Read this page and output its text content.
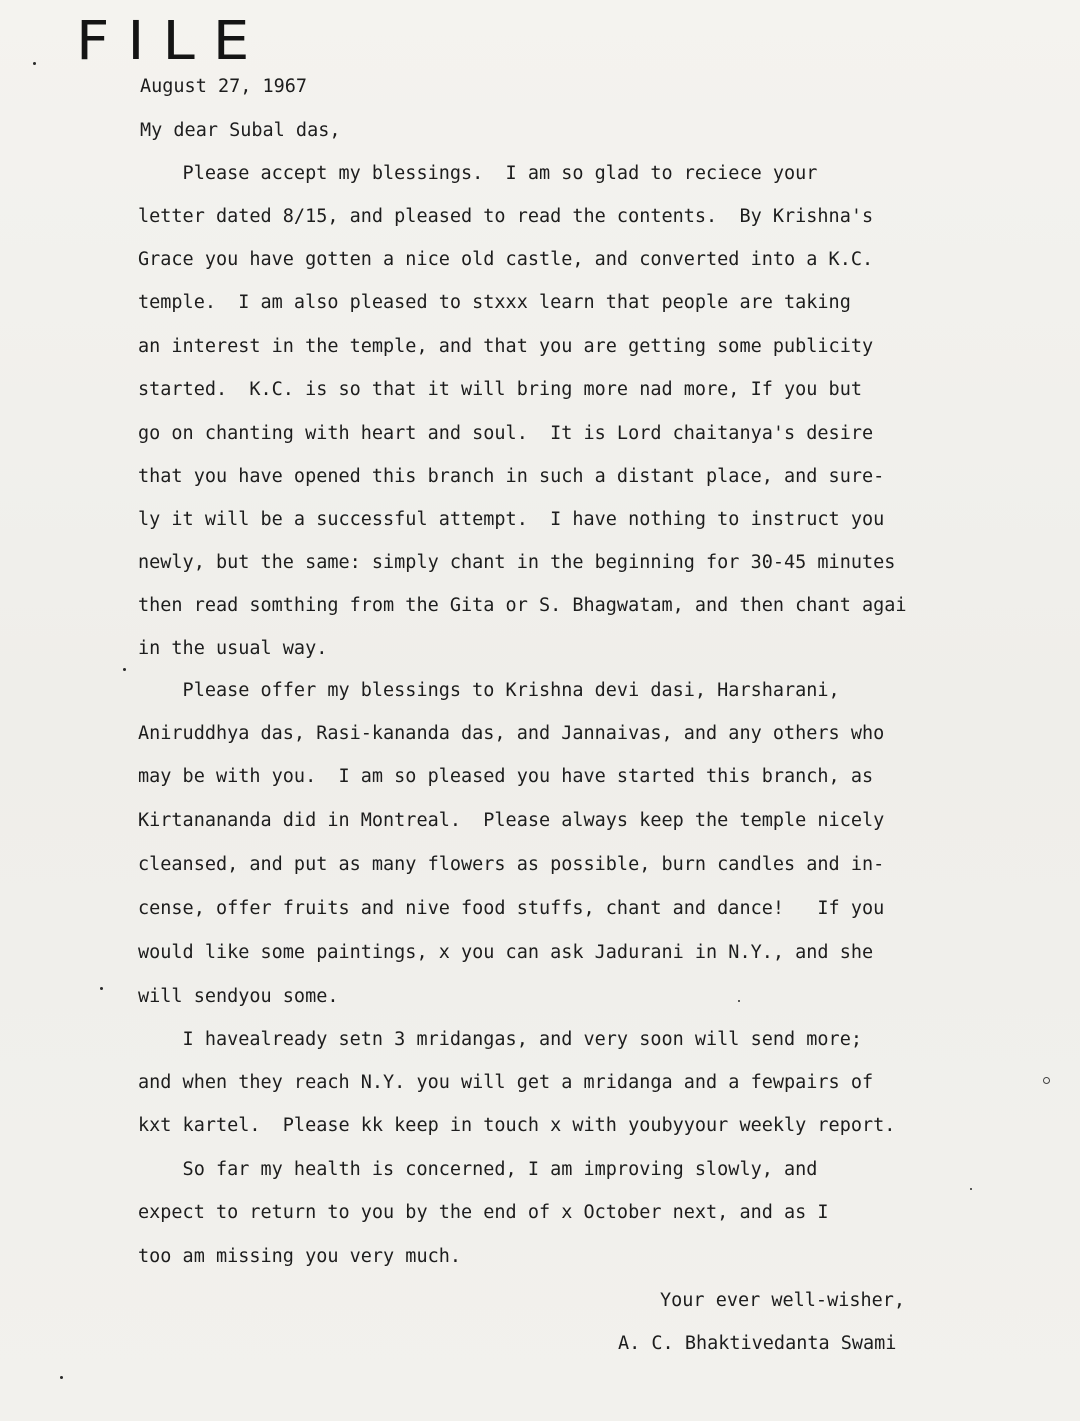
FILE
August 27, 1967
My dear Subal das,
Please accept my blessings.  I am so glad to reciece your
letter dated 8/15, and pleased to read the contents.  By Krishna's
Grace you have gotten a nice old castle, and converted into a K.C.
temple.  I am also pleased to stxxx learn that people are taking
an interest in the temple, and that you are getting some publicity
started.  K.C. is so that it will bring more nad more, If you but
go on chanting with heart and soul.  It is Lord chaitanya's desire
that you have opened this branch in such a distant place, and sure-
ly it will be a successful attempt.  I have nothing to instruct you
newly, but the same: simply chant in the beginning for 30-45 minutes
then read somthing from the Gita or S. Bhagwatam, and then chant agai
in the usual way.
Please offer my blessings to Krishna devi dasi, Harsharani,
Aniruddhya das, Rasi-kananda das, and Jannaivas, and any others who
may be with you.  I am so pleased you have started this branch, as
Kirtanananda did in Montreal.  Please always keep the temple nicely
cleansed, and put as many flowers as possible, burn candles and in-
cense, offer fruits and nive food stuffs, chant and dance!   If you
would like some paintings, x you can ask Jadurani in N.Y., and she
will sendyou some.
I havealready setn 3 mridangas, and very soon will send more;
and when they reach N.Y. you will get a mridanga and a fewpairs of
kxt kartel.  Please kk keep in touch x with youbyyour weekly report.
So far my health is concerned, I am improving slowly, and
expect to return to you by the end of x October next, and as I
too am missing you very much.
Your ever well-wisher,
A. C. Bhaktivedanta Swami
